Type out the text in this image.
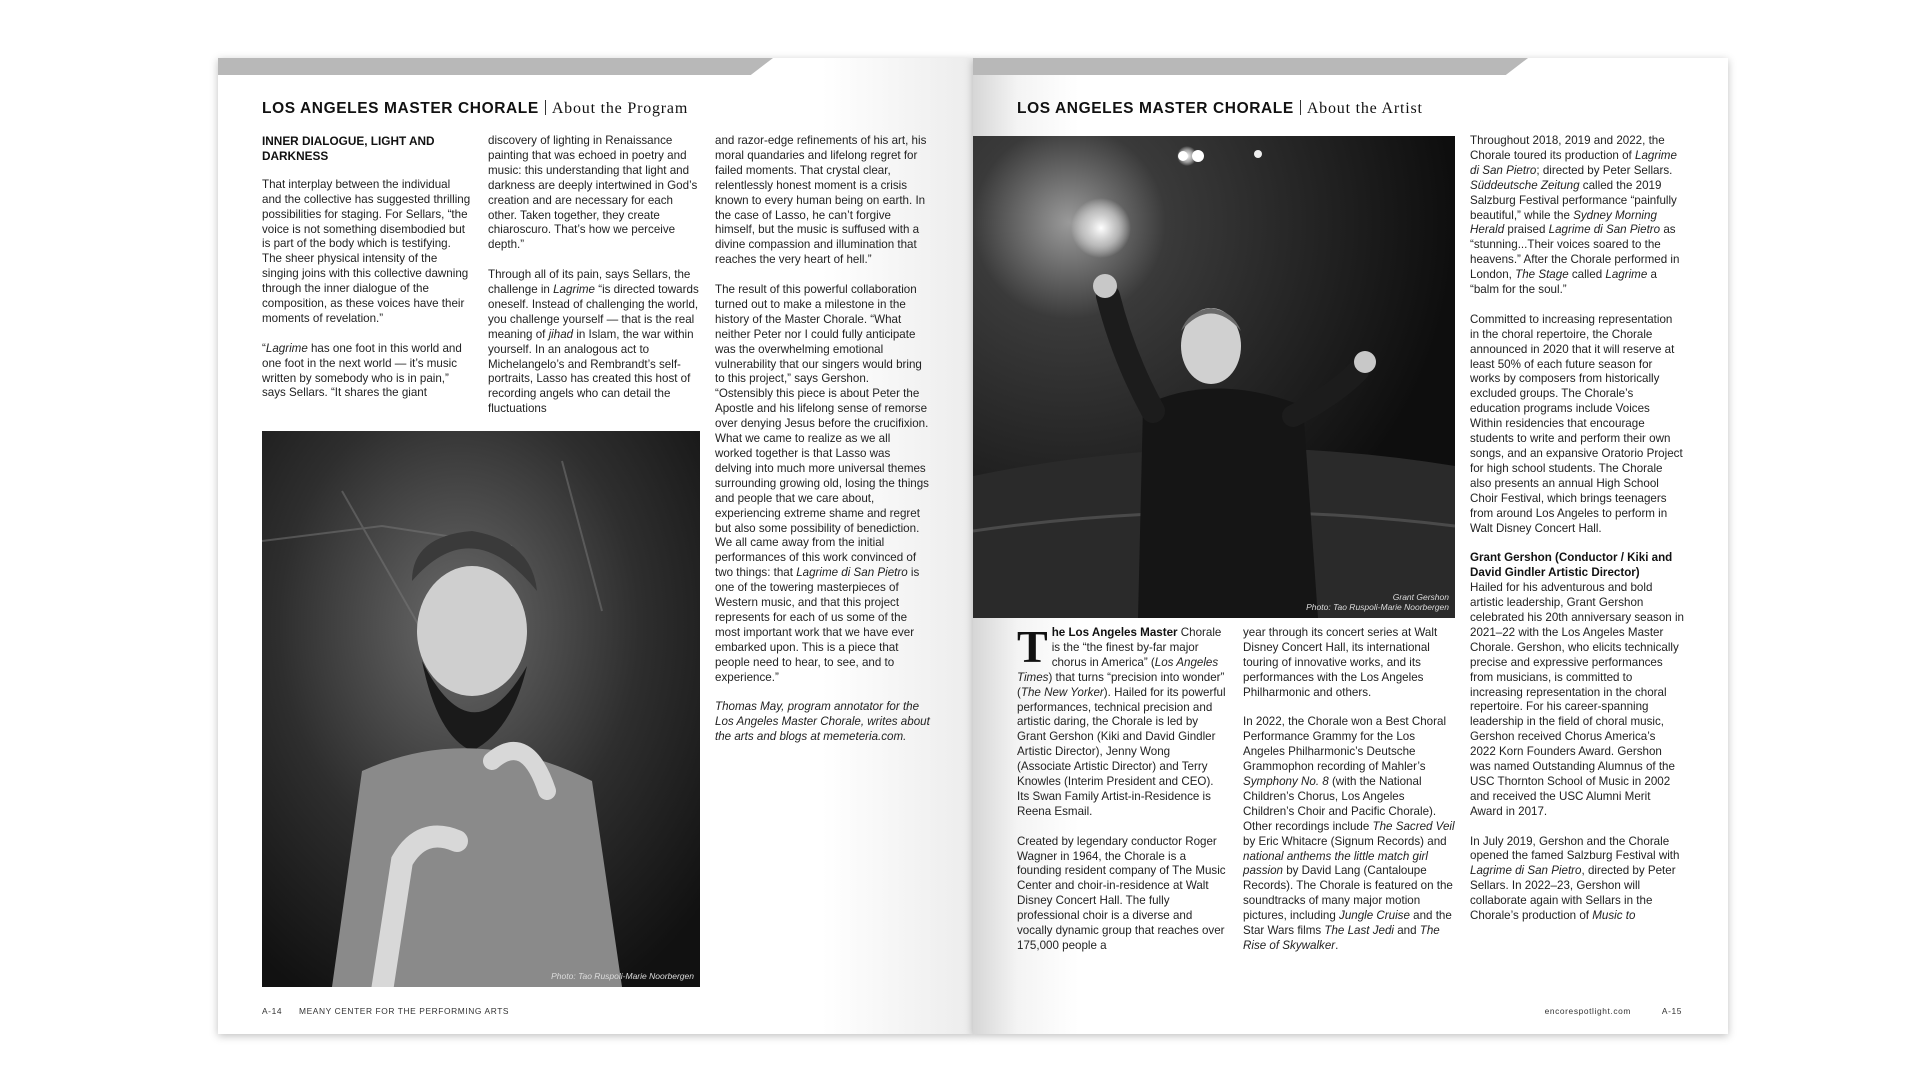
LOS ANGELES MASTER CHORALE About the Program
INNER DIALOGUE, LIGHT AND DARKNESS

That interplay between the individual and the collective has suggested thrilling possibilities for staging. For Sellars, “the voice is not something disembodied but is part of the body which is testifying. The sheer physical intensity of the singing joins with this collective dawning through the inner dialogue of the composition, as these voices have their moments of revelation.”

“Lagrime has one foot in this world and one foot in the next world — it’s music written by somebody who is in pain,” says Sellars. “It shares the giant

discovery of lighting in Renaissance painting that was echoed in poetry and music: this understanding that light and darkness are deeply intertwined in God’s creation and are necessary for each other. Taken together, they create chiaroscuro. That’s how we perceive depth.”

Through all of its pain, says Sellars, the challenge in Lagrime “is directed towards oneself. Instead of challenging the world, you challenge yourself — that is the real meaning of jihad in Islam, the war within yourself. In an analogous act to Michelangelo’s and Rembrandt’s self-portraits, Lasso has created this host of recording angels who can detail the fluctuations

and razor-edge refinements of his art, his moral quandaries and lifelong regret for failed moments. That crystal clear, relentlessly honest moment is a crisis known to every human being on earth. In the case of Lasso, he can’t forgive himself, but the music is suffused with a divine compassion and illumination that reaches the very heart of hell.”

The result of this powerful collaboration turned out to make a milestone in the history of the Master Chorale. “What neither Peter nor I could fully anticipate was the overwhelming emotional vulnerability that our singers would bring to this project,” says Gershon. “Ostensibly this piece is about Peter the Apostle and his lifelong sense of remorse over denying Jesus before the crucifixion. What we came to realize as we all worked together is that Lasso was delving into much more universal themes surrounding growing old, losing the things and people that we care about, experiencing extreme shame and regret but also some possibility of benediction. We all came away from the initial performances of this work convinced of two things: that Lagrime di San Pietro is one of the towering masterpieces of Western music, and that this project represents for each of us some of the most important work that we have ever embarked upon. This is a piece that people need to hear, to see, and to experience.”

Thomas May, program annotator for the Los Angeles Master Chorale, writes about the arts and blogs at memeteria.com.

Photo: Tao Ruspoli-Marie Noorbergen
A-14 MEANY CENTER FOR THE PERFORMING ARTS
LOS ANGELES MASTER CHORALE About the Artist
Grant Gershon
Photo: Tao Ruspoli-Marie Noorbergen

The Los Angeles Master Chorale is the “the finest by-far major chorus in America” (Los Angeles Times) that turns “precision into wonder” (The New Yorker). Hailed for its powerful performances, technical precision and artistic daring, the Chorale is led by Grant Gershon (Kiki and David Gindler Artistic Director), Jenny Wong (Associate Artistic Director) and Terry Knowles (Interim President and CEO). Its Swan Family Artist-in-Residence is Reena Esmail.

Created by legendary conductor Roger Wagner in 1964, the Chorale is a founding resident company of The Music Center and choir-in-residence at Walt Disney Concert Hall. The fully professional choir is a diverse and vocally dynamic group that reaches over 175,000 people a

year through its concert series at Walt Disney Concert Hall, its international touring of innovative works, and its performances with the Los Angeles Philharmonic and others.

In 2022, the Chorale won a Best Choral Performance Grammy for the Los Angeles Philharmonic’s Deutsche Grammophon recording of Mahler’s Symphony No. 8 (with the National Children’s Chorus, Los Angeles Children’s Choir and Pacific Chorale). Other recordings include The Sacred Veil by Eric Whitacre (Signum Records) and national anthems the little match girl passion by David Lang (Cantaloupe Records). The Chorale is featured on the soundtracks of many major motion pictures, including Jungle Cruise and the Star Wars films The Last Jedi and The Rise of Skywalker.

Throughout 2018, 2019 and 2022, the Chorale toured its production of Lagrime di San Pietro; directed by Peter Sellars. Süddeutsche Zeitung called the 2019 Salzburg Festival performance “painfully beautiful,” while the Sydney Morning Herald praised Lagrime di San Pietro as “stunning...Their voices soared to the heavens.” After the Chorale performed in London, The Stage called Lagrime a “balm for the soul.”

Committed to increasing representation in the choral repertoire, the Chorale announced in 2020 that it will reserve at least 50% of each future season for works by composers from historically excluded groups. The Chorale’s education programs include Voices Within residencies that encourage students to write and perform their own songs, and an expansive Oratorio Project for high school students. The Chorale also presents an annual High School Choir Festival, which brings teenagers from around Los Angeles to perform in Walt Disney Concert Hall.

Grant Gershon (Conductor / Kiki and David Gindler Artistic Director)

Hailed for his adventurous and bold artistic leadership, Grant Gershon celebrated his 20th anniversary season in 2021–22 with the Los Angeles Master Chorale. Gershon, who elicits technically precise and expressive performances from musicians, is committed to increasing representation in the choral repertoire. For his career-spanning leadership in the field of choral music, Gershon received Chorus America’s 2022 Korn Founders Award. Gershon was named Outstanding Alumnus of the USC Thornton School of Music in 2002 and received the USC Alumni Merit Award in 2017.

In July 2019, Gershon and the Chorale opened the famed Salzburg Festival with Lagrime di San Pietro, directed by Peter Sellars. In 2022–23, Gershon will collaborate again with Sellars in the Chorale’s production of Music to

encorespotlight.com	A-15
